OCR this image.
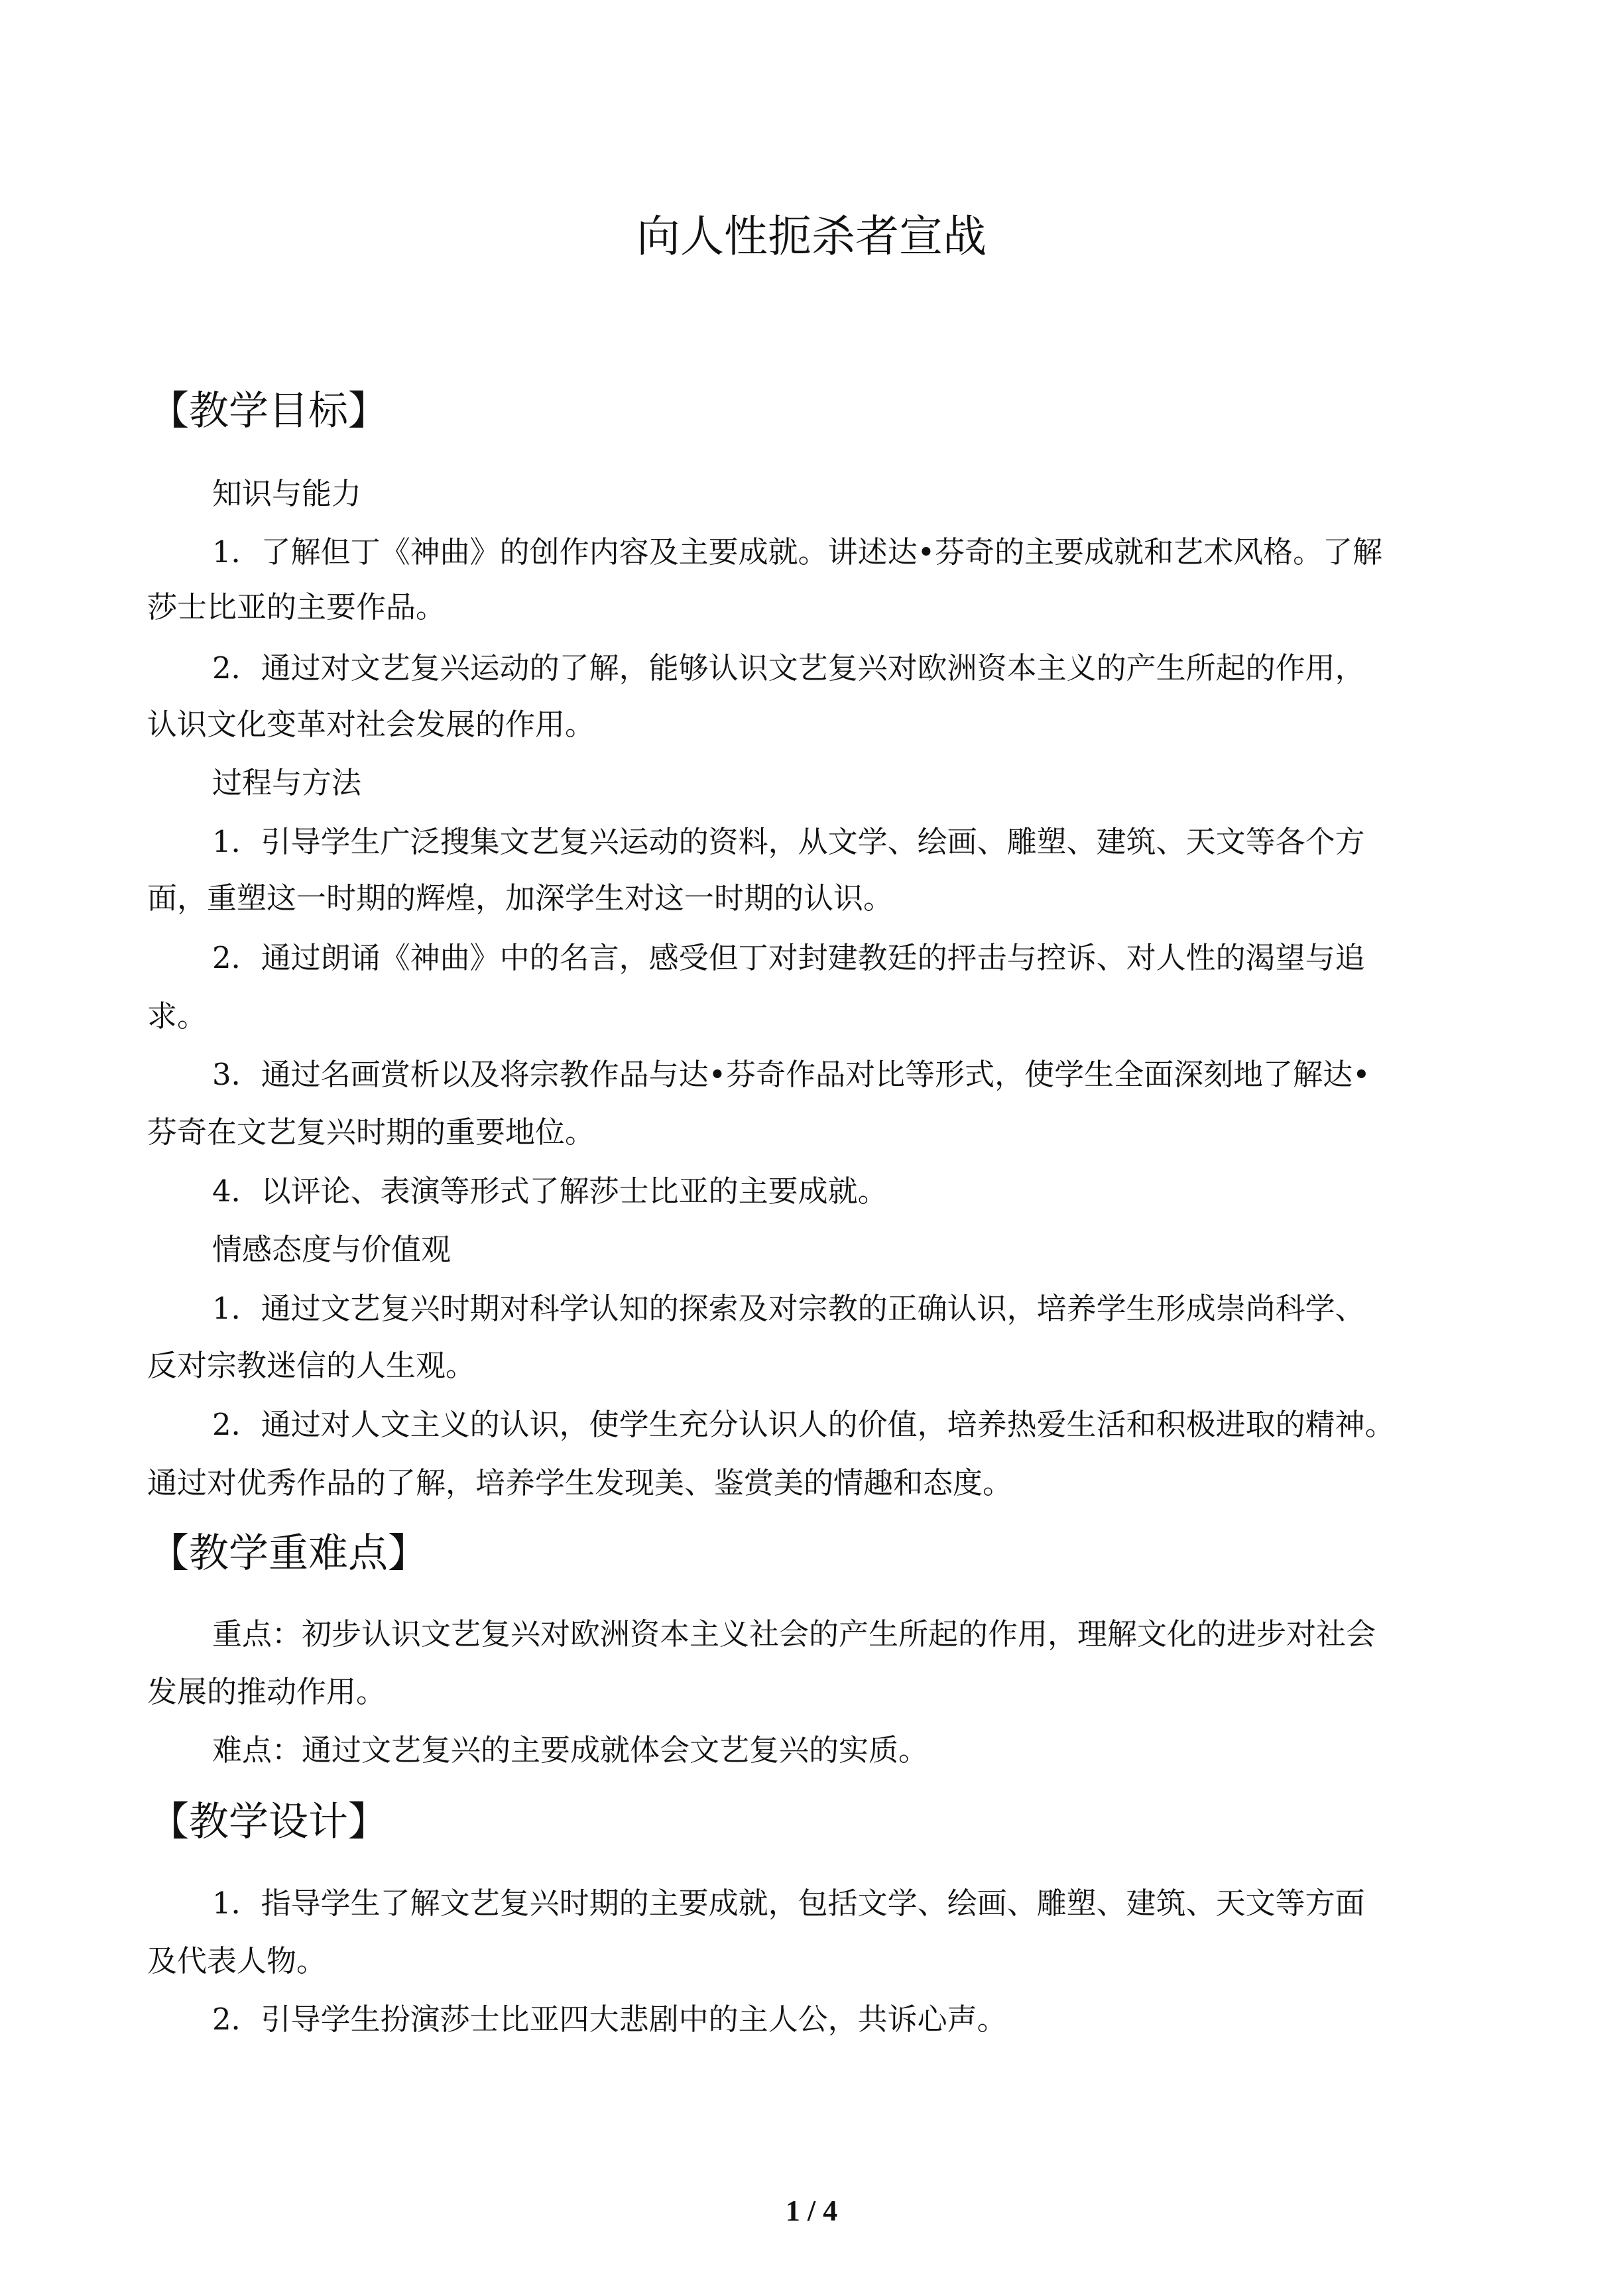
向人性扼杀者宣战
【教学目标】
知识与能力
1．了解但丁《神曲》的创作内容及主要成就。讲述达•芬奇的主要成就和艺术风格。了解
莎士比亚的主要作品。
2．通过对文艺复兴运动的了解，能够认识文艺复兴对欧洲资本主义的产生所起的作用，
认识文化变革对社会发展的作用。
过程与方法
1．引导学生广泛搜集文艺复兴运动的资料，从文学、绘画、雕塑、建筑、天文等各个方
面，重塑这一时期的辉煌，加深学生对这一时期的认识。
2．通过朗诵《神曲》中的名言，感受但丁对封建教廷的抨击与控诉、对人性的渴望与追
求。
3．通过名画赏析以及将宗教作品与达•芬奇作品对比等形式，使学生全面深刻地了解达•
芬奇在文艺复兴时期的重要地位。
4．以评论、表演等形式了解莎士比亚的主要成就。
情感态度与价值观
1．通过文艺复兴时期对科学认知的探索及对宗教的正确认识，培养学生形成崇尚科学、
反对宗教迷信的人生观。
2．通过对人文主义的认识，使学生充分认识人的价值，培养热爱生活和积极进取的精神。
通过对优秀作品的了解，培养学生发现美、鉴赏美的情趣和态度。
【教学重难点】
重点：初步认识文艺复兴对欧洲资本主义社会的产生所起的作用，理解文化的进步对社会
发展的推动作用。
难点：通过文艺复兴的主要成就体会文艺复兴的实质。
【教学设计】
1．指导学生了解文艺复兴时期的主要成就，包括文学、绘画、雕塑、建筑、天文等方面
及代表人物。
2．引导学生扮演莎士比亚四大悲剧中的主人公，共诉心声。
1 / 4
